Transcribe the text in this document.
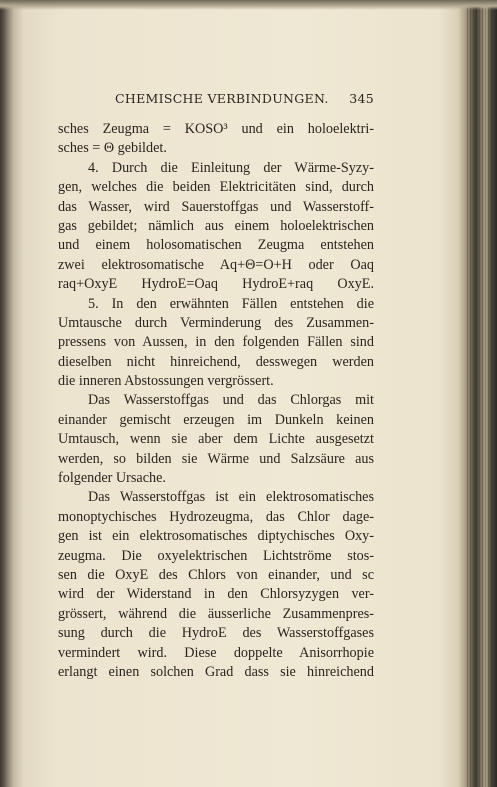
CHEMISCHE VERBINDUNGEN. 345
sches Zeugma = KOSO³ und ein holoelektri-
sches = Θ gebildet.
4. Durch die Einleitung der Wärme-Syzy-
gen, welches die beiden Elektricitäten sind, durch
das Wasser, wird Sauerstoffgas und Wasserstoff-
gas gebildet; nämlich aus einem holoelektrischen
und einem holosomatischen Zeugma entstehen
zwei elektrosomatische Aq+Θ=O+H oder Oaq
raq+OxyE HydroE=Oaq HydroE+raq OxyE.
5. In den erwähnten Fällen entstehen die
Umtausche durch Verminderung des Zusammen-
pressens von Aussen, in den folgenden Fällen sind
dieselben nicht hinreichend, desswegen werden
die inneren Abstossungen vergrössert.
Das Wasserstoffgas und das Chlorgas mit
einander gemischt erzeugen im Dunkeln keinen
Umtausch, wenn sie aber dem Lichte ausgesetzt
werden, so bilden sie Wärme und Salzsäure aus
folgender Ursache.
Das Wasserstoffgas ist ein elektrosomatisches
monoptychisches Hydrozeugma, das Chlor dage-
gen ist ein elektrosomatisches diptychisches Oxy-
zeugma. Die oxyelektrischen Lichtströme stos-
sen die OxyE des Chlors von einander, und sc
wird der Widerstand in den Chlorsyzygen ver-
grössert, während die äusserliche Zusammenpres-
sung durch die HydroE des Wasserstoffgases
vermindert wird. Diese doppelte Anisorrhopie
erlangt einen solchen Grad dass sie hinreichend
